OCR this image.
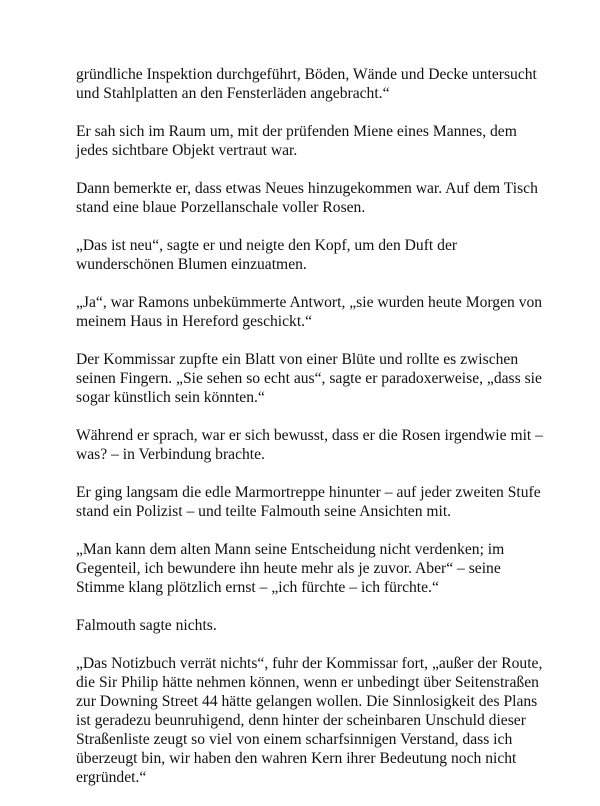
gründliche Inspektion durchgeführt, Böden, Wände und Decke untersucht
und Stahlplatten an den Fensterläden angebracht.“

Er sah sich im Raum um, mit der prüfenden Miene eines Mannes, dem
jedes sichtbare Objekt vertraut war.

Dann bemerkte er, dass etwas Neues hinzugekommen war. Auf dem Tisch
stand eine blaue Porzellanschale voller Rosen.

„Das ist neu“, sagte er und neigte den Kopf, um den Duft der
wunderschönen Blumen einzuatmen.

„Ja“, war Ramons unbekümmerte Antwort, „sie wurden heute Morgen von
meinem Haus in Hereford geschickt.“

Der Kommissar zupfte ein Blatt von einer Blüte und rollte es zwischen
seinen Fingern. „Sie sehen so echt aus“, sagte er paradoxerweise, „dass sie
sogar künstlich sein könnten.“

Während er sprach, war er sich bewusst, dass er die Rosen irgendwie mit –
was? – in Verbindung brachte.

Er ging langsam die edle Marmortreppe hinunter – auf jeder zweiten Stufe
stand ein Polizist – und teilte Falmouth seine Ansichten mit.

„Man kann dem alten Mann seine Entscheidung nicht verdenken; im
Gegenteil, ich bewundere ihn heute mehr als je zuvor. Aber“ – seine
Stimme klang plötzlich ernst – „ich fürchte – ich fürchte.“

Falmouth sagte nichts.

„Das Notizbuch verrät nichts“, fuhr der Kommissar fort, „außer der Route,
die Sir Philip hätte nehmen können, wenn er unbedingt über Seitenstraßen
zur Downing Street 44 hätte gelangen wollen. Die Sinnlosigkeit des Plans
ist geradezu beunruhigend, denn hinter der scheinbaren Unschuld dieser
Straßenliste zeugt so viel von einem scharfsinnigen Verstand, dass ich
überzeugt bin, wir haben den wahren Kern ihrer Bedeutung noch nicht
ergründet.“
